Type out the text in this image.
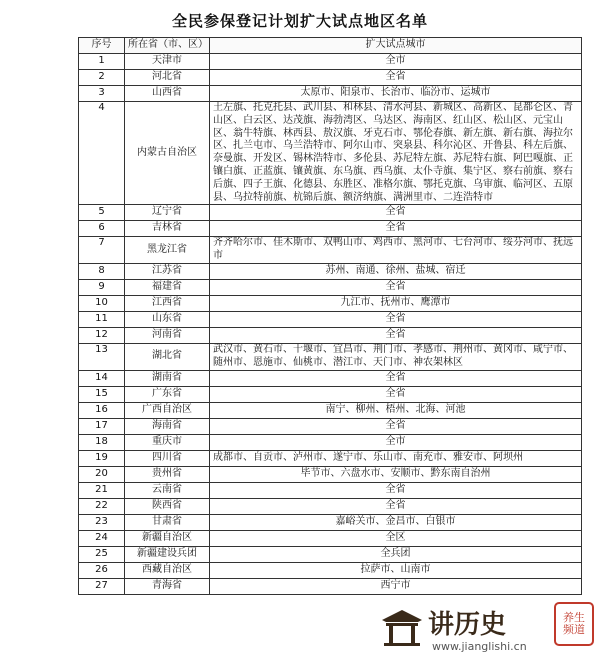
全民参保登记计划扩大试点地区名单
序号	所在省（市、区）	扩大试点城市
1	天津市	全市
2	河北省	全省
3	山西省	太原市、阳泉市、长治市、临汾市、运城市
4	内蒙古自治区	土左旗、托克托县、武川县、和林县、清水河县、新城区、高新区、昆都仑区、青山区、白云区、达茂旗、海勃湾区、乌达区、海南区、红山区、松山区、元宝山区、翁牛特旗、林西县、敖汉旗、牙克石市、鄂伦春旗、新左旗、新右旗、海拉尔区、扎兰屯市、乌兰浩特市、阿尔山市、突泉县、科尔沁区、开鲁县、科左后旗、奈曼旗、开发区、锡林浩特市、多伦县、苏尼特左旗、苏尼特右旗、阿巴嘎旗、正镶白旗、正蓝旗、镶黄旗、东乌旗、西乌旗、太仆寺旗、集宁区、察右前旗、察右后旗、四子王旗、化德县、东胜区、准格尔旗、鄂托克旗、乌审旗、临河区、五原县、乌拉特前旗、杭锦后旗、额济纳旗、满洲里市、二连浩特市
5	辽宁省	全省
6	吉林省	全省
7	黑龙江省	齐齐哈尔市、佳木斯市、双鸭山市、鸡西市、黑河市、七台河市、绥芬河市、抚远市
8	江苏省	苏州、南通、徐州、盐城、宿迁
9	福建省	全省
10	江西省	九江市、抚州市、鹰潭市
11	山东省	全省
12	河南省	全省
13	湖北省	武汉市、黄石市、十堰市、宜昌市、荆门市、孝感市、荆州市、黄冈市、咸宁市、随州市、恩施市、仙桃市、潜江市、天门市、神农架林区
14	湖南省	全省
15	广东省	全省
16	广西自治区	南宁、柳州、梧州、北海、河池
17	海南省	全省
18	重庆市	全市
19	四川省	成都市、自贡市、泸州市、遂宁市、乐山市、南充市、雅安市、阿坝州
20	贵州省	毕节市、六盘水市、安顺市、黔东南自治州
21	云南省	全省
22	陕西省	全省
23	甘肃省	嘉峪关市、金昌市、白银市
24	新疆自治区	全区
25	新疆建设兵团	全兵团
26	西藏自治区	拉萨市、山南市
27	青海省	西宁市
讲历史
www.jianglishi.cn
养生频道
